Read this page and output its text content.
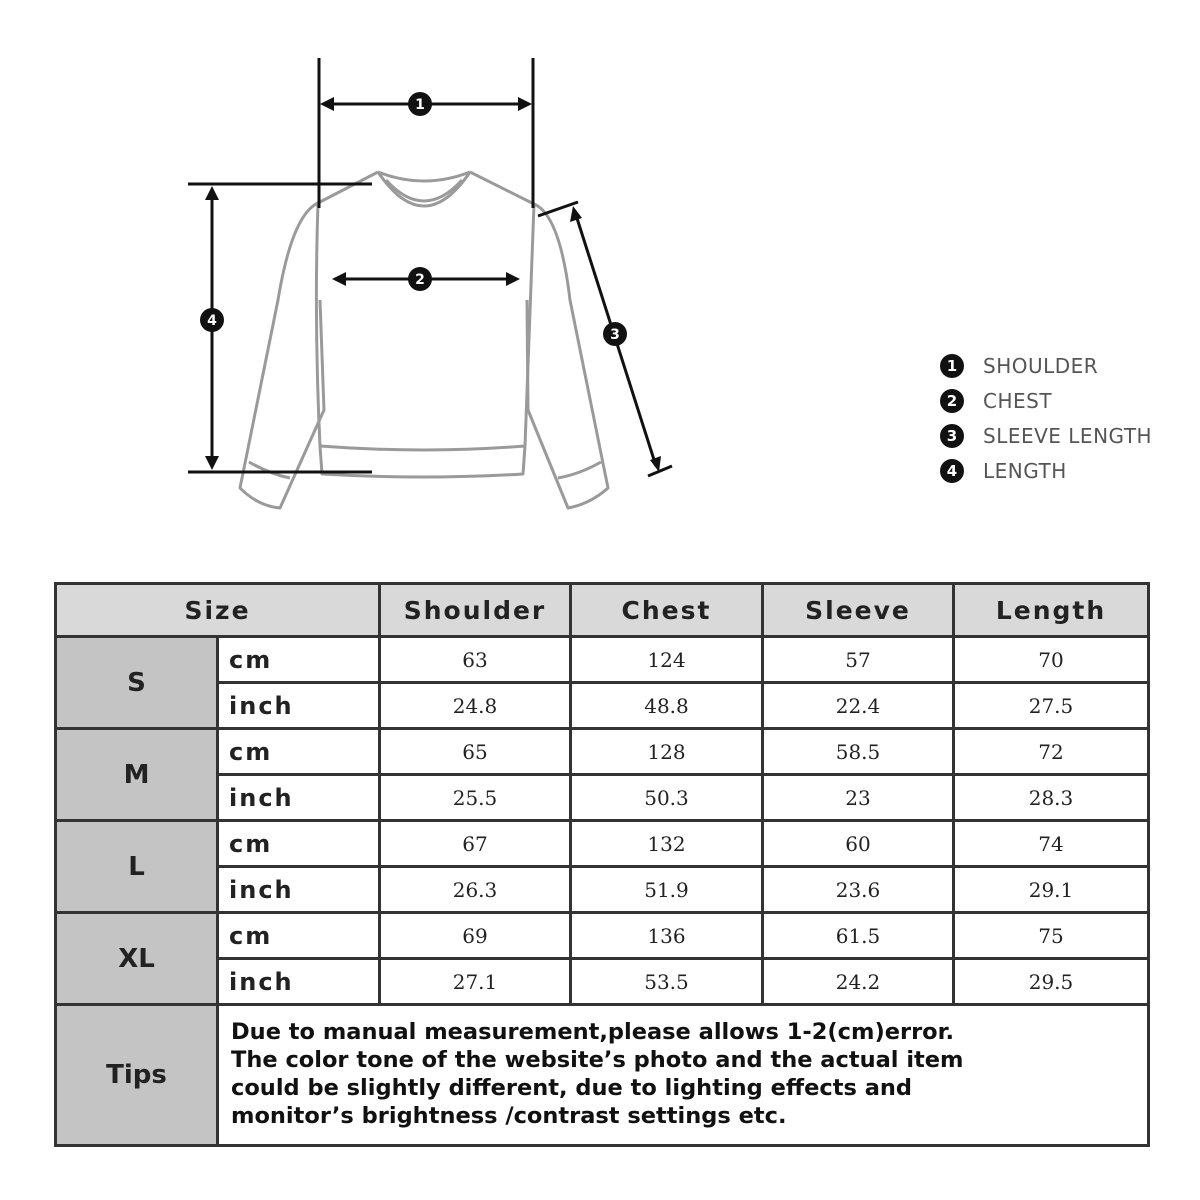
1
2
3
4
1	SHOULDER
2	CHEST
3	SLEEVE LENGTH
4	LENGTH
Size		Shoulder	Chest	Sleeve	Length
S	cm	63	124	57	70
	inch	24.8	48.8	22.4	27.5
M	cm	65	128	58.5	72
	inch	25.5	50.3	23	28.3
L	cm	67	132	60	74
	inch	26.3	51.9	23.6	29.1
XL	cm	69	136	61.5	75
	inch	27.1	53.5	24.2	29.5
Tips	Due to manual measurement,please allows 1-2(cm)error.
The color tone of the website’s photo and the actual item
could be slightly different, due to lighting effects and
monitor’s brightness /contrast settings etc.				
